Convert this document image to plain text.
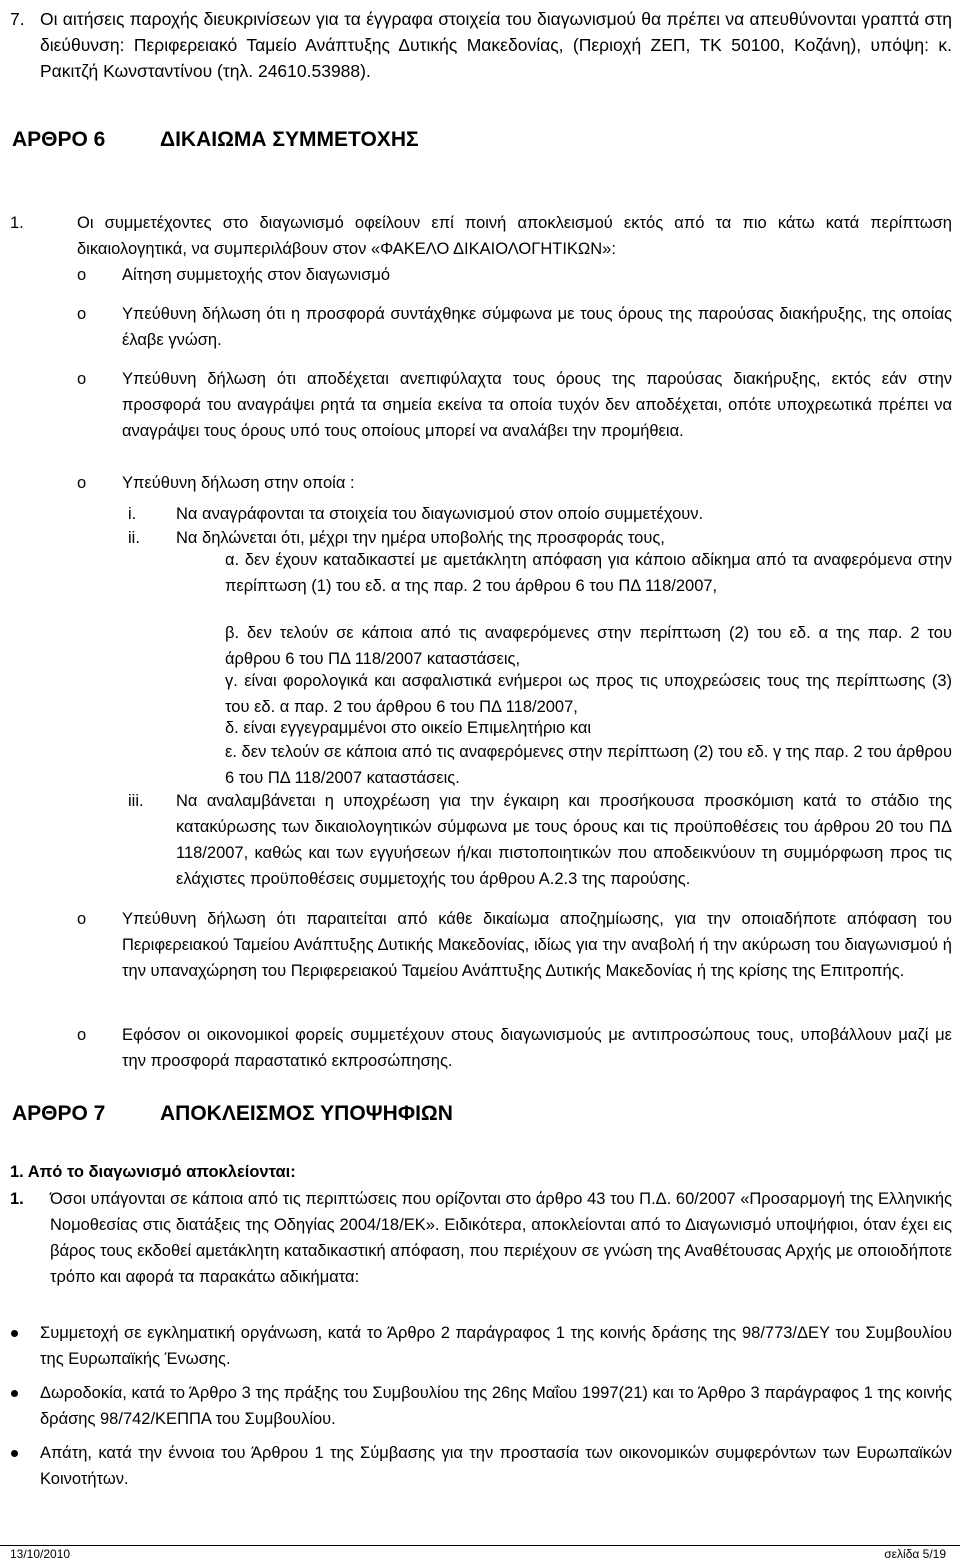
7. Οι αιτήσεις παροχής διευκρινίσεων για τα έγγραφα στοιχεία του διαγωνισμού θα πρέπει να απευθύνονται γραπτά στη διεύθυνση: Περιφερειακό Ταμείο Ανάπτυξης Δυτικής Μακεδονίας, (Περιοχή ΖΕΠ, ΤΚ 50100, Κοζάνη), υπόψη: κ. Ρακιτζή Κωνσταντίνου (τηλ. 24610.53988).
ΑΡΘΡΟ 6	ΔΙΚΑΙΩΜΑ ΣΥΜΜΕΤΟΧΗΣ
1.	Οι συμμετέχοντες στο διαγωνισμό οφείλουν επί ποινή αποκλεισμού εκτός από τα πιο κάτω κατά περίπτωση δικαιολογητικά, να συμπεριλάβουν στον «ΦΑΚΕΛΟ ΔΙΚΑΙΟΛΟΓΗΤΙΚΩΝ»:
o Αίτηση συμμετοχής στον διαγωνισμό
o Υπεύθυνη δήλωση ότι η προσφορά συντάχθηκε σύμφωνα με τους όρους της παρούσας διακήρυξης, της οποίας έλαβε γνώση.
o Υπεύθυνη δήλωση ότι αποδέχεται ανεπιφύλαχτα τους όρους της παρούσας διακήρυξης, εκτός εάν στην προσφορά του αναγράψει ρητά τα σημεία εκείνα τα οποία τυχόν δεν αποδέχεται, οπότε υποχρεωτικά πρέπει να αναγράψει τους όρους υπό τους οποίους μπορεί να αναλάβει την προμήθεια.
o Υπεύθυνη δήλωση στην οποία :
i. Να αναγράφονται τα στοιχεία του διαγωνισμού στον οποίο συμμετέχουν.
ii. Να δηλώνεται ότι, μέχρι την ημέρα υποβολής της προσφοράς τους,
α. δεν έχουν καταδικαστεί με αμετάκλητη απόφαση για κάποιο αδίκημα από τα αναφερόμενα στην περίπτωση (1) του εδ. α της παρ. 2 του άρθρου 6 του ΠΔ 118/2007,
β. δεν τελούν σε κάποια από τις αναφερόμενες στην περίπτωση (2) του εδ. α της παρ. 2 του άρθρου 6 του ΠΔ 118/2007 καταστάσεις,
γ. είναι φορολογικά και ασφαλιστικά ενήμεροι ως προς τις υποχρεώσεις τους της περίπτωσης (3) του εδ. α παρ. 2 του άρθρου 6 του ΠΔ 118/2007,
δ. είναι εγγεγραμμένοι στο οικείο Επιμελητήριο και
ε. δεν τελούν σε κάποια από τις αναφερόμενες στην περίπτωση (2) του εδ. γ της παρ. 2 του άρθρου 6 του ΠΔ 118/2007 καταστάσεις.
iii. Να αναλαμβάνεται η υποχρέωση για την έγκαιρη και προσήκουσα προσκόμιση κατά το στάδιο της κατακύρωσης των δικαιολογητικών σύμφωνα με τους όρους και τις προϋποθέσεις του άρθρου 20 του ΠΔ 118/2007, καθώς και των εγγυήσεων ή/και πιστοποιητικών που αποδεικνύουν τη συμμόρφωση προς τις ελάχιστες προϋποθέσεις συμμετοχής του άρθρου Α.2.3 της παρούσης.
o Υπεύθυνη δήλωση ότι παραιτείται από κάθε δικαίωμα αποζημίωσης, για την οποιαδήποτε απόφαση του Περιφερειακού Ταμείου Ανάπτυξης Δυτικής Μακεδονίας, ιδίως για την αναβολή ή την ακύρωση του διαγωνισμού ή την υπαναχώρηση του Περιφερειακού Ταμείου Ανάπτυξης Δυτικής Μακεδονίας ή της κρίσης της Επιτροπής.
o Εφόσον οι οικονομικοί φορείς συμμετέχουν στους διαγωνισμούς με αντιπροσώπους τους, υποβάλλουν μαζί με την προσφορά παραστατικό εκπροσώπησης.
ΑΡΘΡΟ 7	ΑΠΟΚΛΕΙΣΜΟΣ ΥΠΟΨΗΦΙΩΝ
1. Από το διαγωνισμό αποκλείονται:
1. Όσοι υπάγονται σε κάποια από τις περιπτώσεις που ορίζονται στο άρθρο 43 του Π.Δ. 60/2007 «Προσαρμογή της Ελληνικής Νομοθεσίας στις διατάξεις της Οδηγίας 2004/18/ΕΚ». Ειδικότερα, αποκλείονται από το Διαγωνισμό υποψήφιοι, όταν έχει εις βάρος τους εκδοθεί αμετάκλητη καταδικαστική απόφαση, που περιέχουν σε γνώση της Αναθέτουσας Αρχής με οποιοδήποτε τρόπο και αφορά τα παρακάτω αδικήματα:
Συμμετοχή σε εγκληματική οργάνωση, κατά το Άρθρο 2 παράγραφος 1 της κοινής δράσης της 98/773/ΔΕΥ του Συμβουλίου της Ευρωπαϊκής Ένωσης.
Δωροδοκία, κατά το Άρθρο 3 της πράξης του Συμβουλίου της 26ης Μαΐου 1997(21) και το Άρθρο 3 παράγραφος 1 της κοινής δράσης 98/742/ΚΕΠΠΑ του Συμβουλίου.
Απάτη, κατά την έννοια του Άρθρου 1 της Σύμβασης για την προστασία των οικονομικών συμφερόντων των Ευρωπαϊκών Κοινοτήτων.
13/10/2010	σελίδα 5/19
